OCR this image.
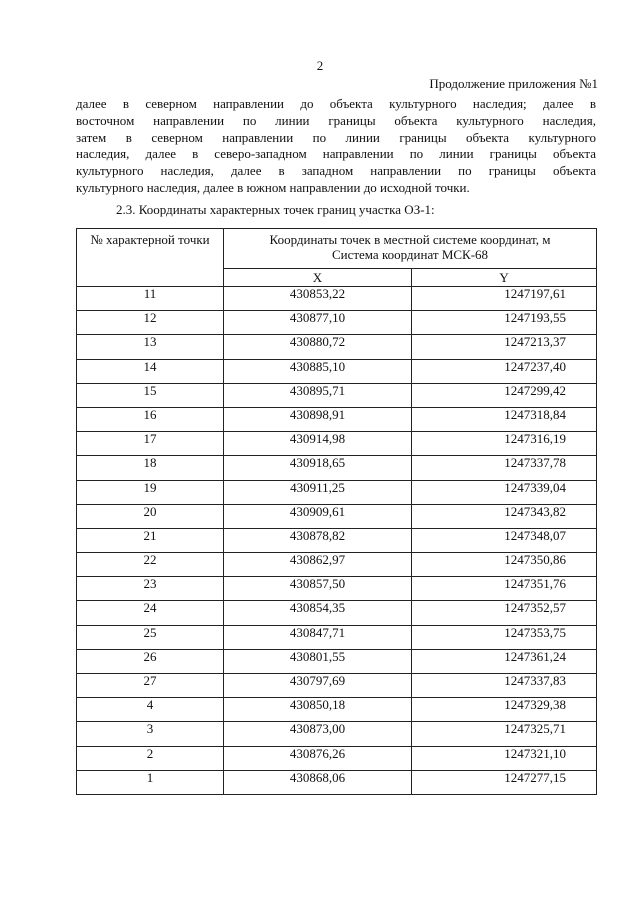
2
Продолжение приложения №1

далее в северном направлении до объекта культурного наследия; далее в
восточном направлении по линии границы объекта культурного наследия,
затем в северном направлении по линии границы объекта культурного
наследия, далее в северо-западном направлении по линии границы объекта
культурного наследия, далее в западном направлении по границы объекта
культурного наследия, далее в южном направлении до исходной точки.

2.3. Координаты характерных точек границ участка ОЗ-1:
№ характерной точки	Координаты точек в местной системе координат, м
Система координат МСК-68	

	X	Y
11	430853,22	1247197,61
12	430877,10	1247193,55
13	430880,72	1247213,37
14	430885,10	1247237,40
15	430895,71	1247299,42
16	430898,91	1247318,84
17	430914,98	1247316,19
18	430918,65	1247337,78
19	430911,25	1247339,04
20	430909,61	1247343,82
21	430878,82	1247348,07
22	430862,97	1247350,86
23	430857,50	1247351,76
24	430854,35	1247352,57
25	430847,71	1247353,75
26	430801,55	1247361,24
27	430797,69	1247337,83
4	430850,18	1247329,38
3	430873,00	1247325,71
2	430876,26	1247321,10
1	430868,06	1247277,15
